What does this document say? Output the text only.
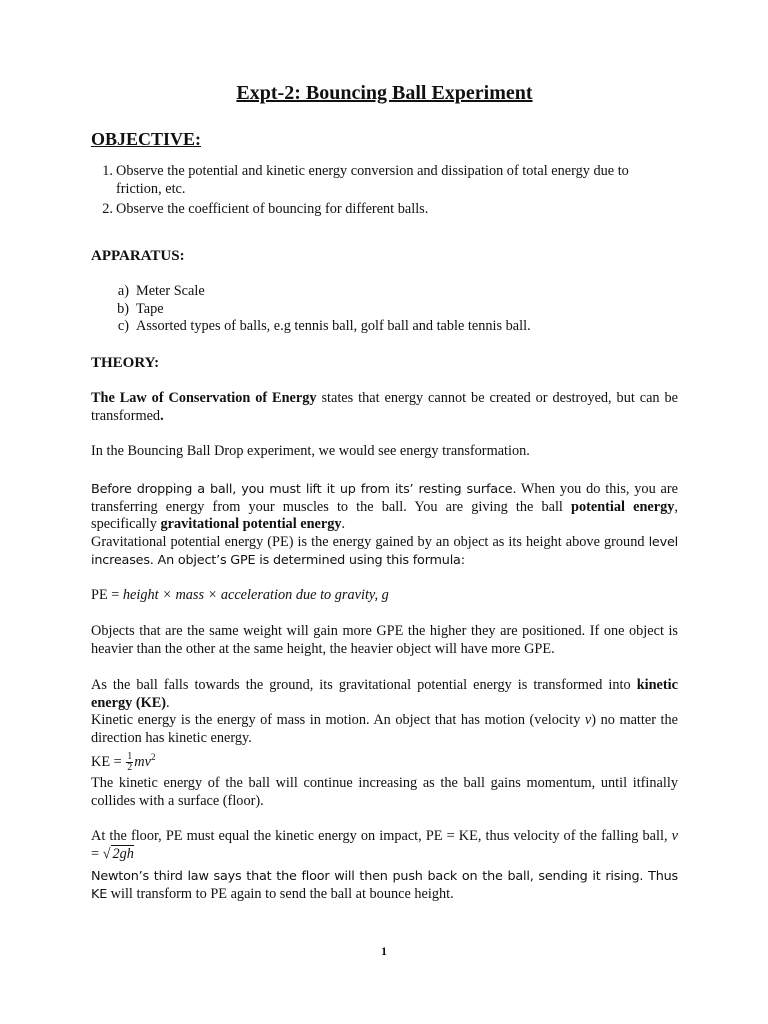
Expt-2: Bouncing Ball Experiment
OBJECTIVE:
1. Observe the potential and kinetic energy conversion and dissipation of total energy due to friction, etc.
2. Observe the coefficient of bouncing for different balls.
APPARATUS:
a) Meter Scale
b) Tape
c) Assorted types of balls, e.g tennis ball, golf ball and table tennis ball.
THEORY:

The Law of Conservation of Energy states that energy cannot be created or destroyed, but can be transformed.

In the Bouncing Ball Drop experiment, we would see energy transformation.

Before dropping a ball, you must lift it up from its’ resting surface. When you do this, you are transferring energy from your muscles to the ball. You are giving the ball potential energy, specifically gravitational potential energy.

Gravitational potential energy (PE) is the energy gained by an object as its height above ground level increases. An object’s GPE is determined using this formula:

PE = height × mass × acceleration due to gravity, g

Objects that are the same weight will gain more GPE the higher they are positioned. If one object is heavier than the other at the same height, the heavier object will have more GPE.

As the ball falls towards the ground, its gravitational potential energy is transformed into kinetic energy (KE).

Kinetic energy is the energy of mass in motion. An object that has motion (velocity v) no matter the direction has kinetic energy.

KE = $\frac{1}{2} mv^2$

The kinetic energy of the ball will continue increasing as the ball gains momentum, until itfinally collides with a surface (floor).

At the floor, PE must equal the kinetic energy on impact, PE = KE, thus velocity of the falling ball, v = √ 2gh

Newton’s third law says that the floor will then push back on the ball, sending it rising. Thus KE will transform to PE again to send the ball at bounce height.

1
